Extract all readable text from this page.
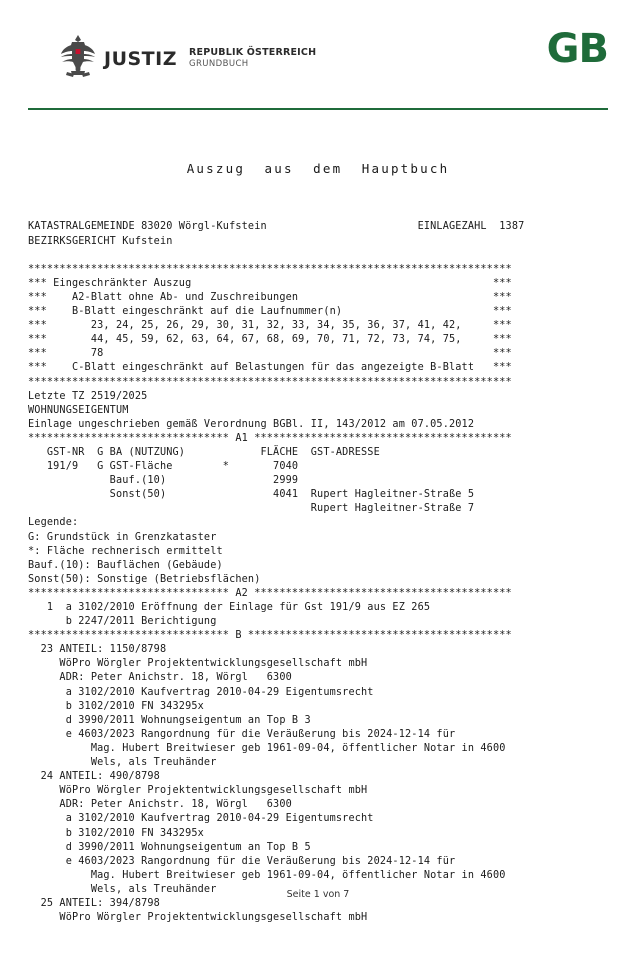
JUSTIZ REPUBLIK ÖSTERREICH
GRUNDBUCH	GB

Auszug  aus  dem  Hauptbuch

KATASTRALGEMEINDE 83020 Wörgl-Kufstein                        EINLAGEZAHL  1387
BEZIRKSGERICHT Kufstein

*****************************************************************************
*** Eingeschränkter Auszug                                                ***
***    A2-Blatt ohne Ab- und Zuschreibungen                               ***
***    B-Blatt eingeschränkt auf die Laufnummer(n)                        ***
***       23, 24, 25, 26, 29, 30, 31, 32, 33, 34, 35, 36, 37, 41, 42,     ***
***       44, 45, 59, 62, 63, 64, 67, 68, 69, 70, 71, 72, 73, 74, 75,     ***
***       78                                                              ***
***    C-Blatt eingeschränkt auf Belastungen für das angezeigte B-Blatt   ***
*****************************************************************************
Letzte TZ 2519/2025
WOHNUNGSEIGENTUM
Einlage ungeschrieben gemäß Verordnung BGBl. II, 143/2012 am 07.05.2012
******************************** A1 *****************************************
GST-NR  G BA (NUTZUNG)            FLÄCHE  GST-ADRESSE
191/9   G GST-Fläche        *       7040
Bauf.(10)                 2999
Sonst(50)                 4041  Rupert Hagleitner-Straße 5
Rupert Hagleitner-Straße 7
Legende:
G: Grundstück in Grenzkataster
*: Fläche rechnerisch ermittelt
Bauf.(10): Bauflächen (Gebäude)
Sonst(50): Sonstige (Betriebsflächen)
******************************** A2 *****************************************
1  a 3102/2010 Eröffnung der Einlage für Gst 191/9 aus EZ 265
b 2247/2011 Berichtigung
******************************** B ******************************************
23 ANTEIL: 1150/8798
WöPro Wörgler Projektentwicklungsgesellschaft mbH
ADR: Peter Anichstr. 18, Wörgl   6300
a 3102/2010 Kaufvertrag 2010-04-29 Eigentumsrecht
b 3102/2010 FN 343295x
d 3990/2011 Wohnungseigentum an Top B 3
e 4603/2023 Rangordnung für die Veräußerung bis 2024-12-14 für
Mag. Hubert Breitwieser geb 1961-09-04, öffentlicher Notar in 4600
Wels, als Treuhänder
24 ANTEIL: 490/8798
WöPro Wörgler Projektentwicklungsgesellschaft mbH
ADR: Peter Anichstr. 18, Wörgl   6300
a 3102/2010 Kaufvertrag 2010-04-29 Eigentumsrecht
b 3102/2010 FN 343295x
d 3990/2011 Wohnungseigentum an Top B 5
e 4603/2023 Rangordnung für die Veräußerung bis 2024-12-14 für
Mag. Hubert Breitwieser geb 1961-09-04, öffentlicher Notar in 4600
Wels, als Treuhänder
25 ANTEIL: 394/8798
WöPro Wörgler Projektentwicklungsgesellschaft mbH

Seite 1 von 7
